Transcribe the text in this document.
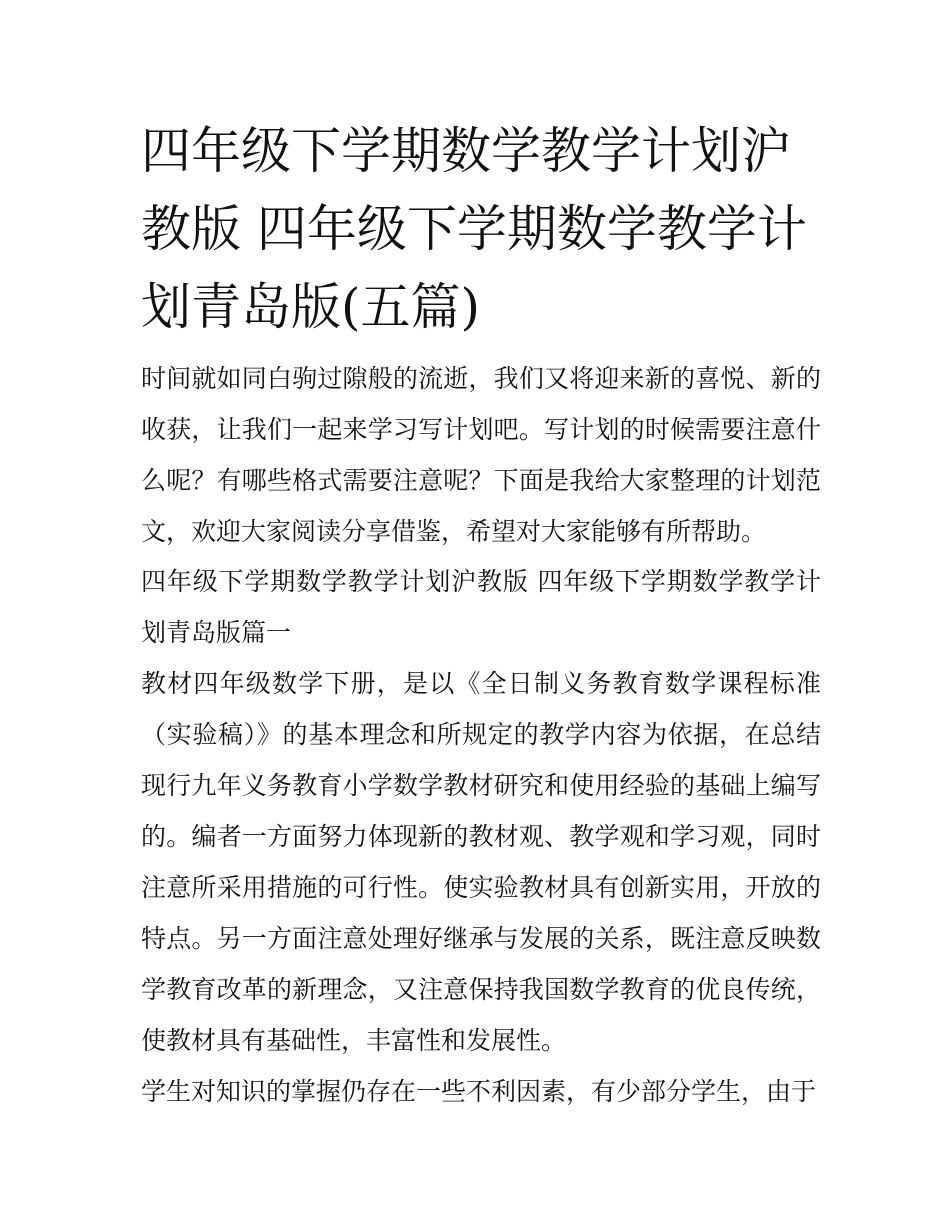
四年级下学期数学教学计划沪教版 四年级下学期数学教学计划青岛版(五篇)

时间就如同白驹过隙般的流逝，我们又将迎来新的喜悦、新的收获，让我们一起来学习写计划吧。写计划的时候需要注意什么呢？有哪些格式需要注意呢？下面是我给大家整理的计划范文，欢迎大家阅读分享借鉴，希望对大家能够有所帮助。

四年级下学期数学教学计划沪教版 四年级下学期数学教学计划青岛版篇一

教材四年级数学下册，是以《全日制义务教育数学课程标准（实验稿）》的基本理念和所规定的教学内容为依据，在总结现行九年义务教育小学数学教材研究和使用经验的基础上编写的。编者一方面努力体现新的教材观、教学观和学习观，同时注意所采用措施的可行性。使实验教材具有创新实用，开放的特点。另一方面注意处理好继承与发展的关系，既注意反映数学教育改革的新理念，又注意保持我国数学教育的优良传统，使教材具有基础性，丰富性和发展性。

学生对知识的掌握仍存在一些不利因素，有少部分学生，由于
